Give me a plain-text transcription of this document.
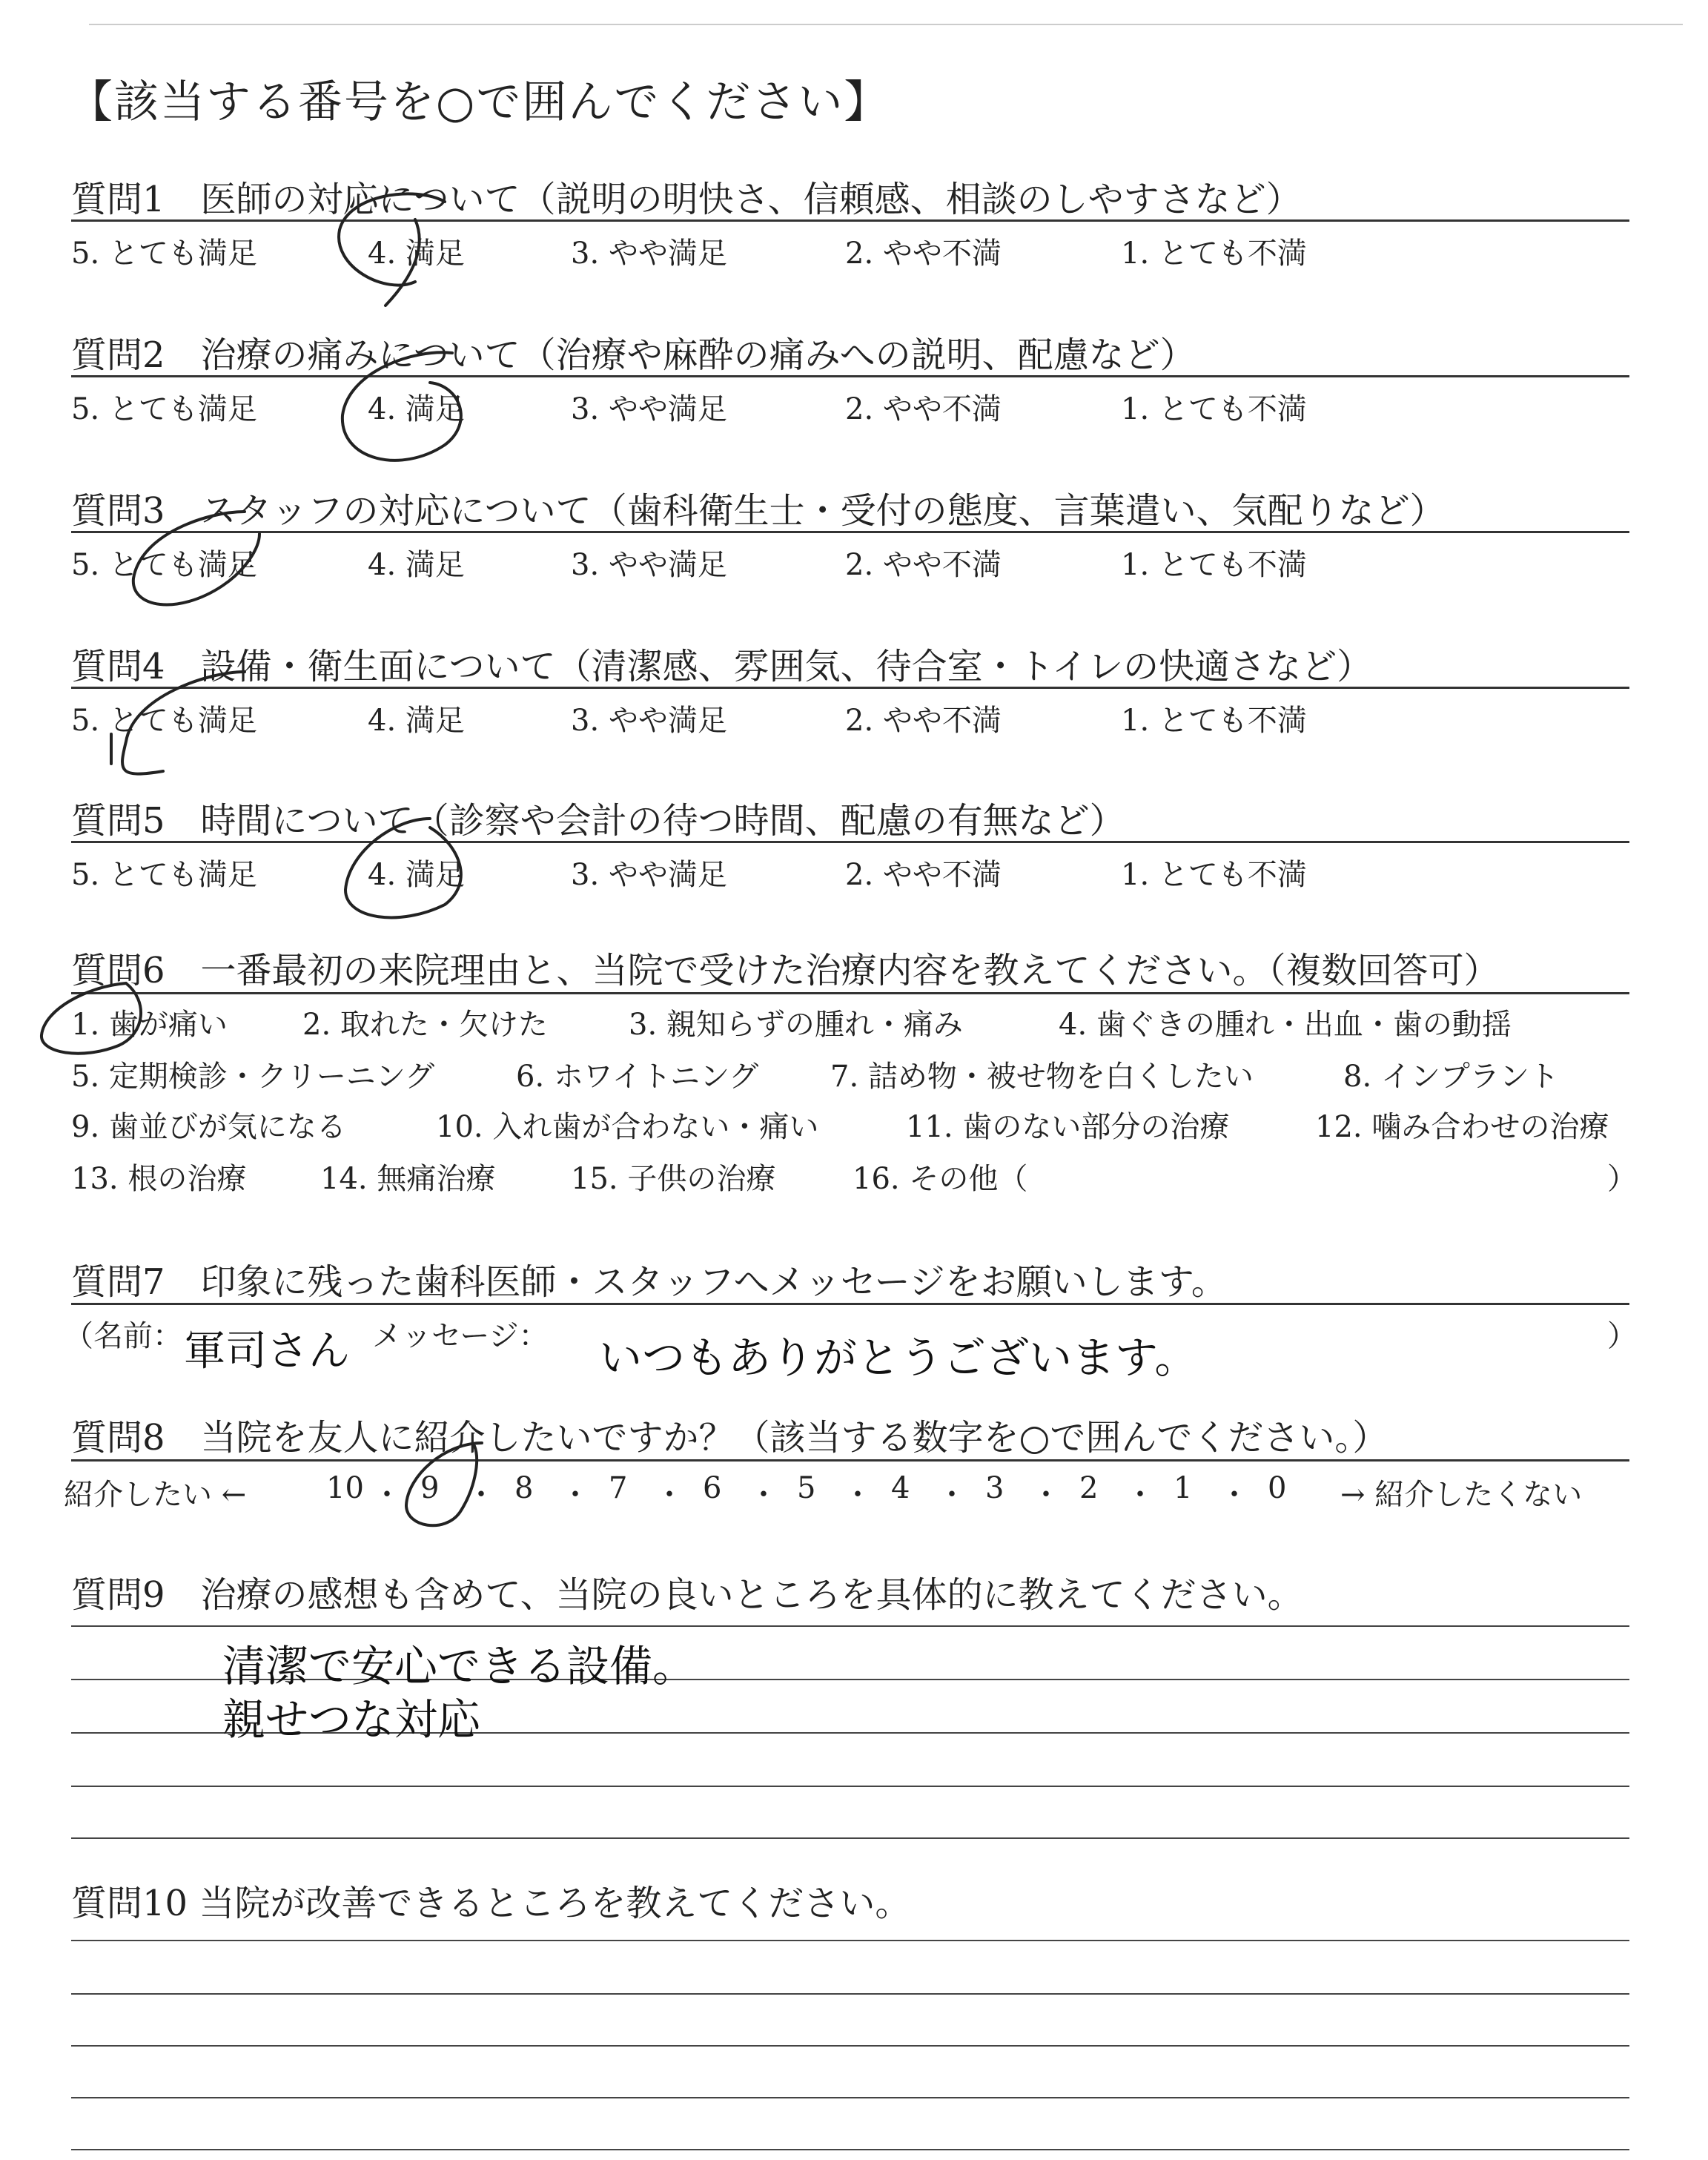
【該当する番号を○で囲んでください】
質問1　医師の対応について（説明の明快さ、信頼感、相談のしやすさなど）
5. とても満足	4. 満足	3. やや満足	2. やや不満	1. とても不満
質問2　治療の痛みについて（治療や麻酔の痛みへの説明、配慮など）
5. とても満足	4. 満足	3. やや満足	2. やや不満	1. とても不満
質問3　スタッフの対応について（歯科衛生士・受付の態度、言葉遣い、気配りなど）
5. とても満足	4. 満足	3. やや満足	2. やや不満	1. とても不満
質問4　設備・衛生面について（清潔感、雰囲気、待合室・トイレの快適さなど）
5. とても満足	4. 満足	3. やや満足	2. やや不満	1. とても不満
質問5　時間について（診察や会計の待つ時間、配慮の有無など）
5. とても満足	4. 満足	3. やや満足	2. やや不満	1. とても不満
質問6　一番最初の来院理由と、当院で受けた治療内容を教えてください。（複数回答可）
1. 歯が痛い	2. 取れた・欠けた	3. 親知らずの腫れ・痛み	4. 歯ぐきの腫れ・出血・歯の動揺
5. 定期検診・クリーニング	6. ホワイトニング 7. 詰め物・被せ物を白くしたい	8. インプラント
9. 歯並びが気になる	10. 入れ歯が合わない・痛い	11. 歯のない部分の治療	12. 噛み合わせの治療
13. 根の治療 14. 無痛治療	15. 子供の治療	16. その他（	）
質問7　印象に残った歯科医師・スタッフへメッセージをお願いします。
（名前： 軍司さん メッセージ： いつもありがとうございます。	）
質問8　当院を友人に紹介したいですか？（該当する数字を○で囲んでください。）
紹介したい ←	10 ・ 9 ・ 8 ・ 7 ・ 6 ・ 5 ・ 4 ・ 3 ・ 2 ・ 1 ・ 0 → 紹介したくない
質問9　治療の感想も含めて、当院の良いところを具体的に教えてください。
清潔で安心できる設備。
親せつな対応
質問10 当院が改善できるところを教えてください。
